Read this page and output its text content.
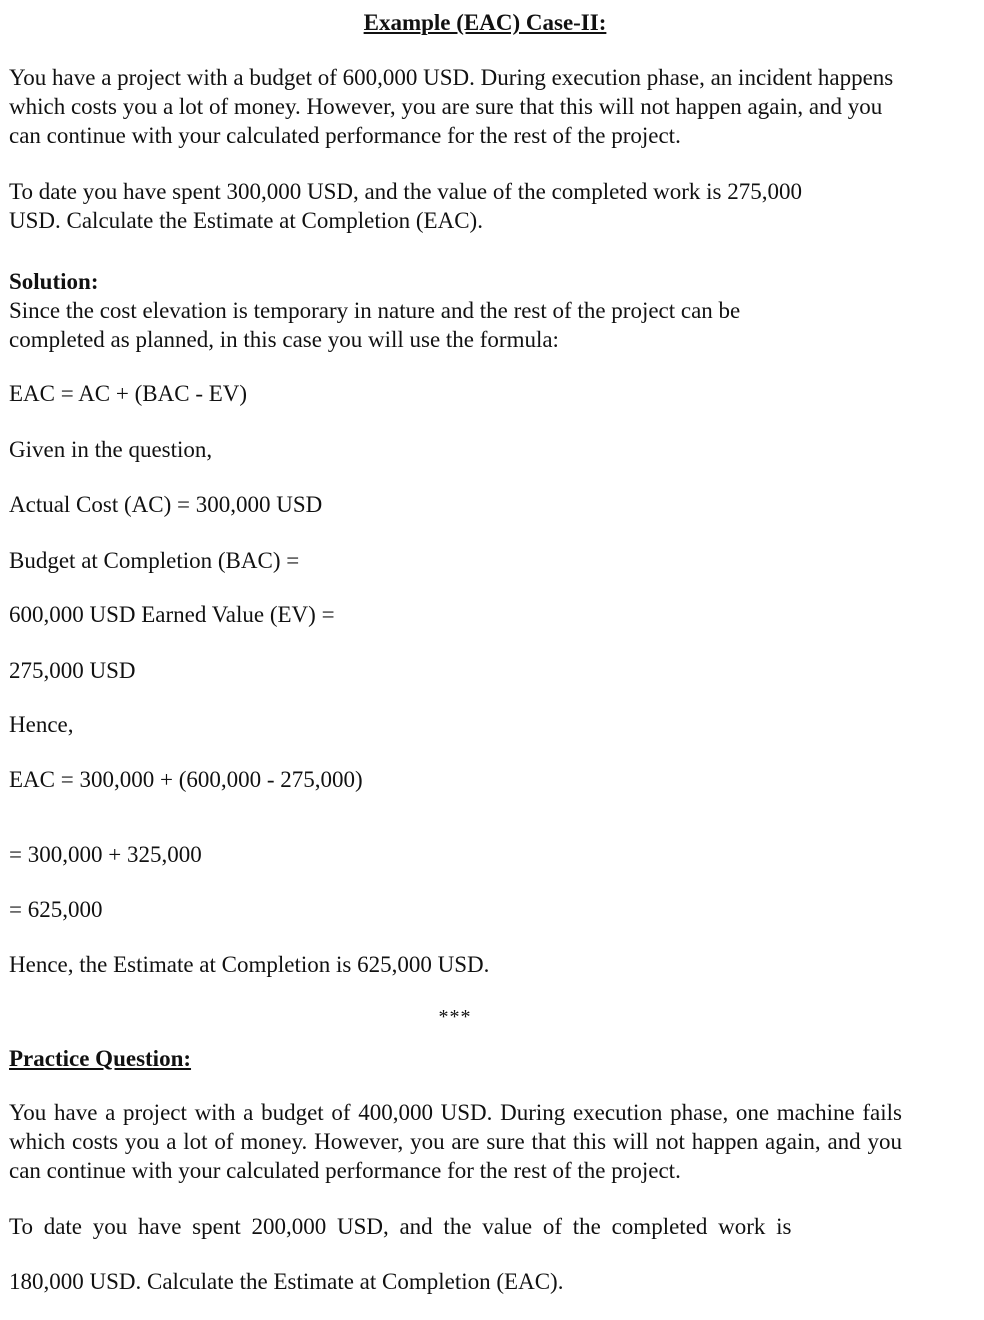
Example (EAC) Case-II:

You have a project with a budget of 600,000 USD. During execution phase, an incident happens which costs you a lot of money. However, you are sure that this will not happen again, and you can continue with your calculated performance for the rest of the project.

To date you have spent 300,000 USD, and the value of the completed work is 275,000 USD. Calculate the Estimate at Completion (EAC).

Solution:

Since the cost elevation is temporary in nature and the rest of the project can be completed as planned, in this case you will use the formula:

EAC = AC + (BAC - EV)

Given in the question,

Actual Cost (AC) = 300,000 USD

Budget at Completion (BAC) =

600,000 USD Earned Value (EV) =

275,000 USD

Hence,

EAC = 300,000 + (600,000 - 275,000)

= 300,000 + 325,000

= 625,000

Hence, the Estimate at Completion is 625,000 USD.

***

Practice Question:

You have a project with a budget of 400,000 USD. During execution phase, one machine fails which costs you a lot of money. However, you are sure that this will not happen again, and you can continue with your calculated performance for the rest of the project.

To date you have spent 200,000 USD, and the value of the completed work is

180,000 USD. Calculate the Estimate at Completion (EAC).
